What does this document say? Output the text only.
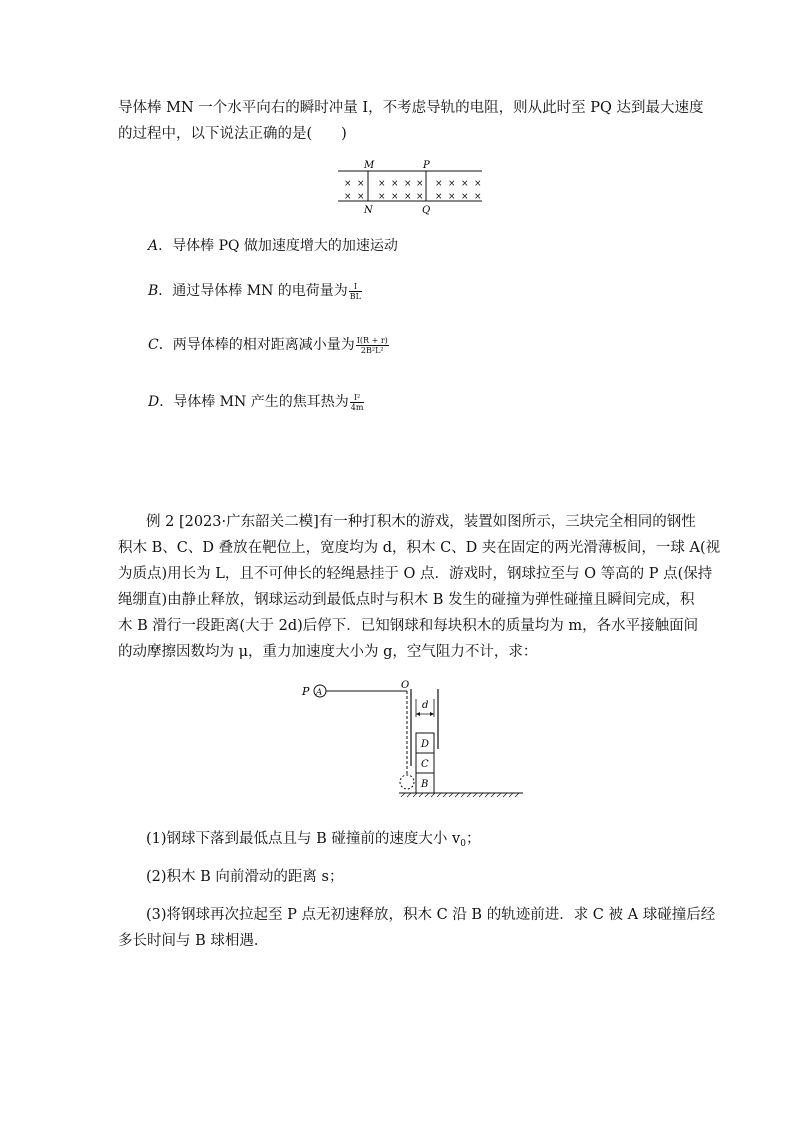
导体棒 MN 一个水平向右的瞬时冲量 I，不考虑导轨的电阻，则从此时至 PQ 达到最大速度
的过程中，以下说法正确的是(　　)
M	P
N	Q
× × × × × × × × × ×
× × × × × × × × × ×
A．导体棒 PQ 做加速度增大的加速运动
B．通过导体棒 MN 的电荷量为 $\frac{I}{BL}$
C．两导体棒的相对距离减小量为 $\frac{I(R + r)}{\text{2B²L²}}$
D．导体棒 MN 产生的焦耳热为 $\frac{\text{I²}}{4m}$
例 2 [2023·广东韶关二模]有一种打积木的游戏，装置如图所示，三块完全相同的钢性
积木 B、C、D 叠放在靶位上，宽度均为 d，积木 C、D 夹在固定的两光滑薄板间，一球 A(视
为质点)用长为 L，且不可伸长的轻绳悬挂于 O 点．游戏时，钢球拉至与 O 等高的 P 点(保持
绳绷直)由静止释放，钢球运动到最低点时与积木 B 发生的碰撞为弹性碰撞且瞬间完成，积
木 B 滑行一段距离(大于 2d)后停下．已知钢球和每块积木的质量均为 m，各水平接触面间
的动摩擦因数均为 μ，重力加速度大小为 g，空气阻力不计，求：
P A
O
d
D
C
B
(1)钢球下落到最低点且与 B 碰撞前的速度大小 $v_0$；
(2)积木 B 向前滑动的距离 s；
(3)将钢球再次拉起至 P 点无初速释放，积木 C 沿 B 的轨迹前进．求 C 被 A 球碰撞后经
多长时间与 B 球相遇．
